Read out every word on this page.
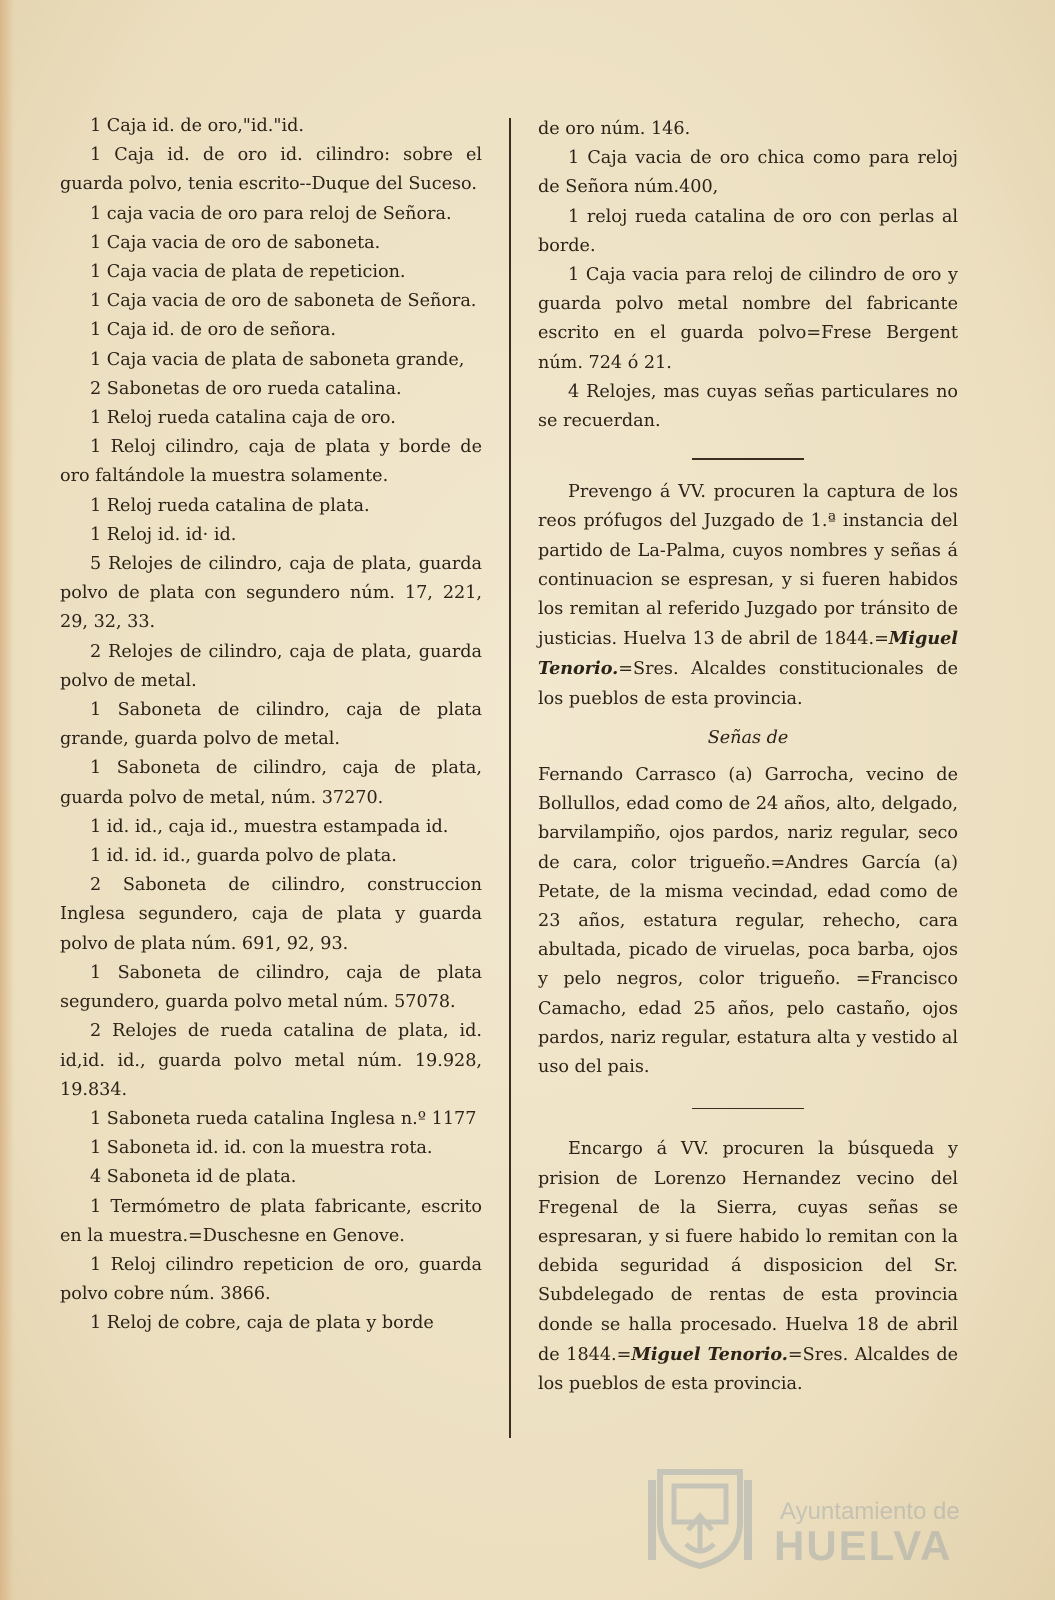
1 Caja id. de oro,"id."id.

1 Caja id. de oro id. cilindro: sobre el guarda polvo, tenia escrito--Duque del Suceso.

1 caja vacia de oro para reloj de Señora.

1 Caja vacia de oro de saboneta.

1 Caja vacia de plata de repeticion.

1 Caja vacia de oro de saboneta de Señora.

1 Caja id. de oro de señora.

1 Caja vacia de plata de saboneta grande,

2 Sabonetas de oro rueda catalina.

1 Reloj rueda catalina caja de oro.

1 Reloj cilindro, caja de plata y borde de oro faltándole la muestra solamente.

1 Reloj rueda catalina de plata.

1 Reloj id. id· id.

5 Relojes de cilindro, caja de plata, guarda polvo de plata con segundero núm. 17, 221, 29, 32, 33.

2 Relojes de cilindro, caja de plata, guarda polvo de metal.

1 Saboneta de cilindro, caja de plata grande, guarda polvo de metal.

1 Saboneta de cilindro, caja de plata, guarda polvo de metal, núm. 37270.

1 id. id., caja id., muestra estampada id.

1 id. id. id., guarda polvo de plata.

2 Saboneta de cilindro, construccion Inglesa segundero, caja de plata y guarda polvo de plata núm. 691, 92, 93.

1 Saboneta de cilindro, caja de plata segundero, guarda polvo metal núm. 57078.

2 Relojes de rueda catalina de plata, id. id,id. id., guarda polvo metal núm. 19.928, 19.834.

1 Saboneta rueda catalina Inglesa n.º 1177

1 Saboneta id. id. con la muestra rota.

4 Saboneta id de plata.

1 Termómetro de plata fabricante, escrito en la muestra.=Duschesne en Genove.

1 Reloj cilindro repeticion de oro, guarda polvo cobre núm. 3866.

1 Reloj de cobre, caja de plata y borde

de oro núm. 146.

1 Caja vacia de oro chica como para reloj de Señora núm.400,

1 reloj rueda catalina de oro con perlas al borde.

1 Caja vacia para reloj de cilindro de oro y guarda polvo metal nombre del fabricante escrito en el guarda polvo=Frese Bergent núm. 724 ó 21.

4 Relojes, mas cuyas señas particulares no se recuerdan.

Prevengo á VV. procuren la captura de los reos prófugos del Juzgado de 1.ª instancia del partido de La-Palma, cuyos nombres y señas á continuacion se espresan, y si fueren habidos los remitan al referido Juzgado por tránsito de justicias. Huelva 13 de abril de 1844.=Miguel Tenorio.=Sres. Alcaldes constitucionales de los pueblos de esta provincia.

Señas de

Fernando Carrasco (a) Garrocha, vecino de Bollullos, edad como de 24 años, alto, delgado, barvilampiño, ojos pardos, nariz regular, seco de cara, color trigueño.=Andres García (a) Petate, de la misma vecindad, edad como de 23 años, estatura regular, rehecho, cara abultada, picado de viruelas, poca barba, ojos y pelo negros, color trigueño. =Francisco Camacho, edad 25 años, pelo castaño, ojos pardos, nariz regular, estatura alta y vestido al uso del pais.

Encargo á VV. procuren la búsqueda y prision de Lorenzo Hernandez vecino del Fregenal de la Sierra, cuyas señas se espresaran, y si fuere habido lo remitan con la debida seguridad á disposicion del Sr. Subdelegado de rentas de esta provincia donde se halla procesado. Huelva 18 de abril de 1844.=Miguel Tenorio.=Sres. Alcaldes de los pueblos de esta provincia.

Ayuntamiento de
HUELVA
